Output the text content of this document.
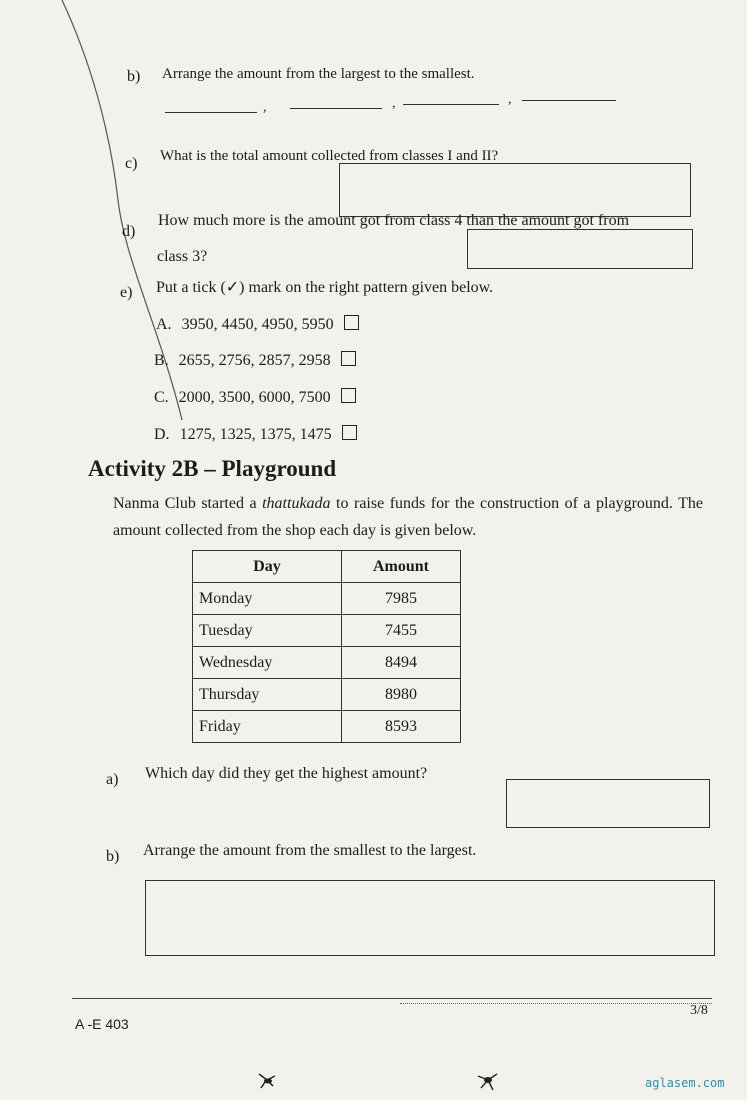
b) Arrange the amount from the largest to the smallest.
,	,	,
c) What is the total amount collected from classes I and II?
d)
How much more is the amount got from class 4 than the amount got from
class 3?
e) Put a tick (✓) mark on the right pattern given below.
A. 3950, 4450, 4950, 5950
B. 2655, 2756, 2857, 2958
C. 2000, 3500, 6000, 7500
D. 1275, 1325, 1375, 1475
Activity 2B – Playground
Nanma Club started a thattukada to raise funds for the construction of a playground. The amount collected from the shop each day is given below.
Day	Amount
Monday	7985
Tuesday	7455
Wednesday	8494
Thursday	8980
Friday	8593
a) Which day did they get the highest amount?
b) Arrange the amount from the smallest to the largest.
A -E 403
3/8
aglasem.com
